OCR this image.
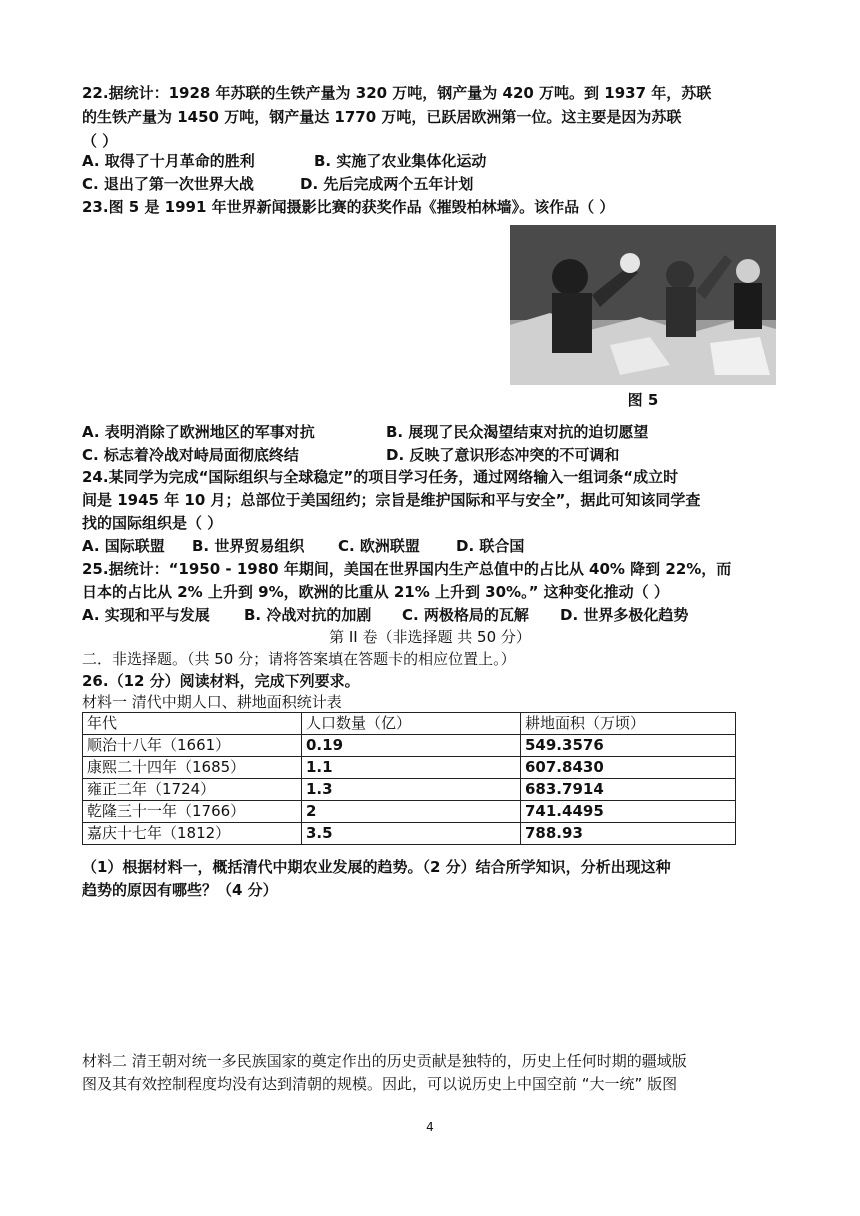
22.据统计：1928 年苏联的生铁产量为 320 万吨，钢产量为 420 万吨。到 1937 年，苏联
的生铁产量为 1450 万吨，钢产量达 1770 万吨，已跃居欧洲第一位。这主要是因为苏联
（ ）
A. 取得了十月革命的胜利	B. 实施了农业集体化运动
C. 退出了第一次世界大战	D. 先后完成两个五年计划
23.图 5 是 1991 年世界新闻摄影比赛的获奖作品《摧毁柏林墙》。该作品（ ）
图 5
A. 表明消除了欧洲地区的军事对抗	B. 展现了民众渴望结束对抗的迫切愿望
C. 标志着冷战对峙局面彻底终结	D. 反映了意识形态冲突的不可调和
24.某同学为完成“国际组织与全球稳定”的项目学习任务，通过网络输入一组词条“成立时
间是 1945 年 10 月；总部位于美国纽约；宗旨是维护国际和平与安全”，据此可知该同学查
找的国际组织是（ ）
A. 国际联盟 B. 世界贸易组织 C. 欧洲联盟 D. 联合国
25.据统计：“1950 - 1980 年期间，美国在世界国内生产总值中的占比从 40% 降到 22%，而
日本的占比从 2% 上升到 9%，欧洲的比重从 21% 上升到 30%。” 这种变化推动（ ）
A. 实现和平与发展 B. 冷战对抗的加剧 C. 两极格局的瓦解 D. 世界多极化趋势
第 II 卷（非选择题 共 50 分）
二．非选择题。（共 50 分；请将答案填在答题卡的相应位置上。）
26.（12 分）阅读材料，完成下列要求。
材料一 清代中期人口、耕地面积统计表
年代	人口数量（亿）	耕地面积（万顷）
顺治十八年（1661）	0.19	549.3576
康熙二十四年（1685）	1.1	607.8430
雍正二年（1724）	1.3	683.7914
乾隆三十一年（1766）	2	741.4495
嘉庆十七年（1812）	3.5	788.93
（1）根据材料一，概括清代中期农业发展的趋势。（2 分）结合所学知识，分析出现这种
趋势的原因有哪些？（4 分）
材料二 清王朝对统一多民族国家的奠定作出的历史贡献是独特的，历史上任何时期的疆域版
图及其有效控制程度均没有达到清朝的规模。因此，可以说历史上中国空前 “大一统” 版图
4
